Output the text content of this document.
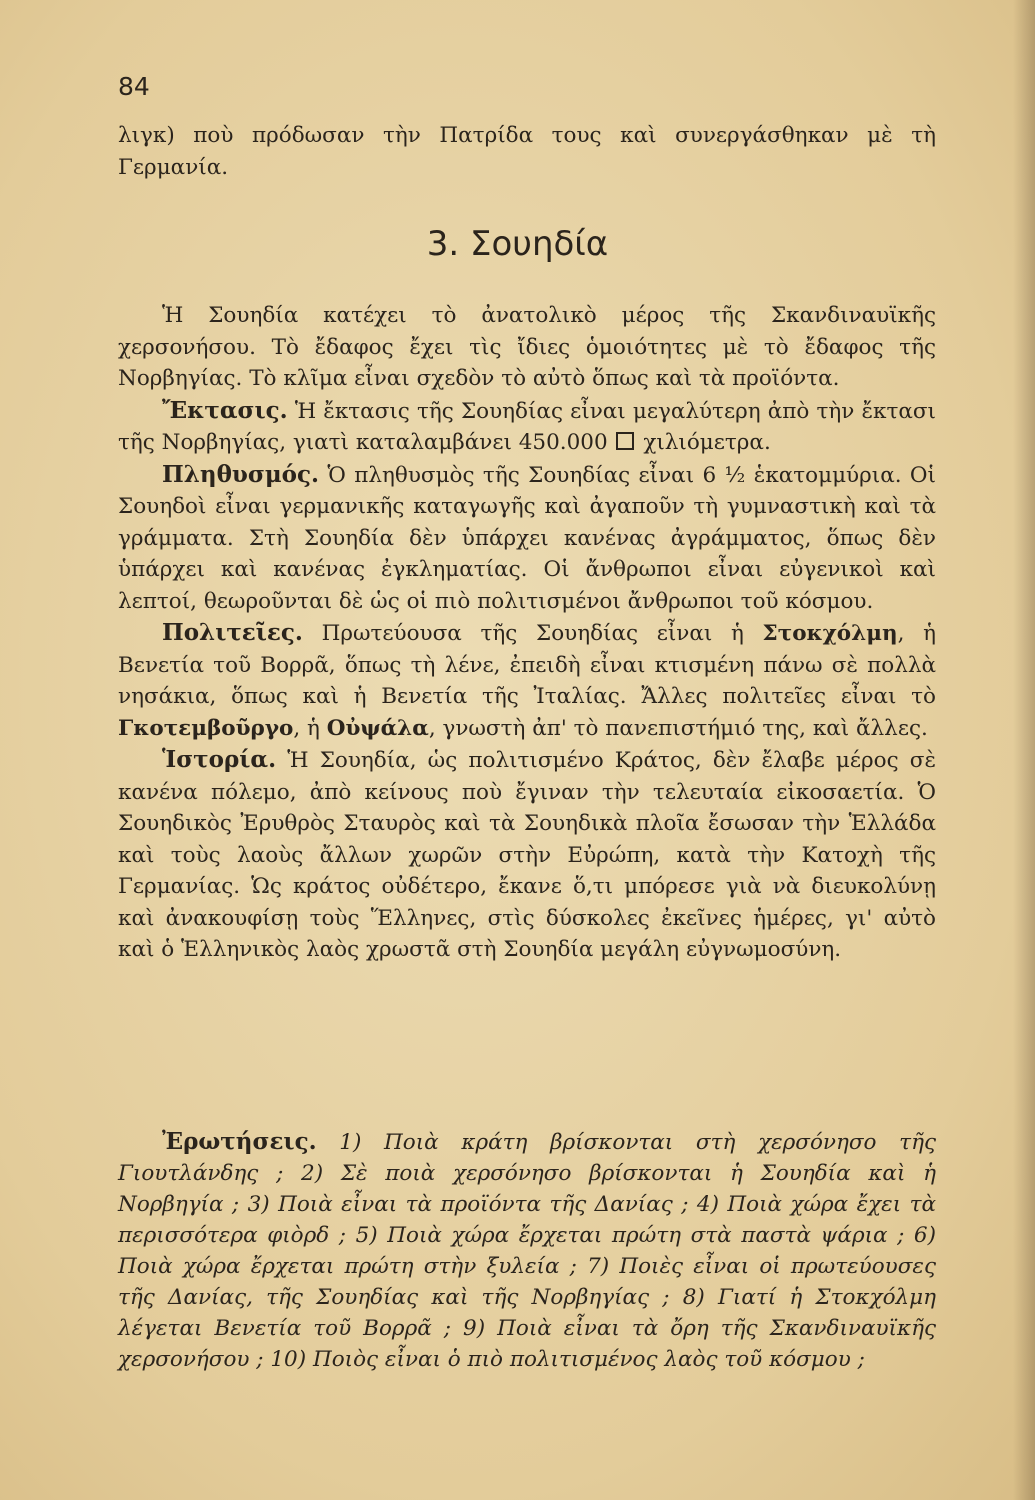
84

λιγκ) ποὺ πρόδωσαν τὴν Πατρίδα τους καὶ συνεργάσθηκαν μὲ τὴ Γερμανία.

3. Σουηδία

Ἡ Σουηδία κατέχει τὸ ἀνατολικὸ μέρος τῆς Σκανδιναυϊκῆς χερσονήσου. Τὸ ἔδαφος ἔχει τὶς ἴδιες ὁμοιότητες μὲ τὸ ἔδαφος τῆς Νορβηγίας. Τὸ κλῖμα εἶναι σχεδὸν τὸ αὐτὸ ὅπως καὶ τὰ προϊόντα.

Ἔκτασις. Ἡ ἔκτασις τῆς Σουηδίας εἶναι μεγαλύτερη ἀπὸ τὴν ἔκτασι τῆς Νορβηγίας, γιατὶ καταλαμβάνει 450.000  χιλιόμετρα.

Πληθυσμός. Ὁ πληθυσμὸς τῆς Σουηδίας εἶναι 6 ½ ἑκατομμύρια. Οἱ Σουηδοὶ εἶναι γερμανικῆς καταγωγῆς καὶ ἀγαποῦν τὴ γυμναστικὴ καὶ τὰ γράμματα. Στὴ Σουηδία δὲν ὑπάρχει κανένας ἀγράμματος, ὅπως δὲν ὑπάρχει καὶ κανένας ἐγκληματίας. Οἱ ἄνθρωποι εἶναι εὐγενικοὶ καὶ λεπτοί, θεωροῦνται δὲ ὡς οἱ πιὸ πολιτισμένοι ἄνθρωποι τοῦ κόσμου.

Πολιτεῖες. Πρωτεύουσα τῆς Σουηδίας εἶναι ἡ Στοκχόλμη, ἡ Βενετία τοῦ Βορρᾶ, ὅπως τὴ λένε, ἐπειδὴ εἶναι κτισμένη πάνω σὲ πολλὰ νησάκια, ὅπως καὶ ἡ Βενετία τῆς Ἰταλίας. Ἄλλες πολιτεῖες εἶναι τὸ Γκοτεμβοῦργο, ἡ Οὐψάλα, γνωστὴ ἀπ' τὸ πανεπιστήμιό της, καὶ ἄλλες.

Ἱστορία. Ἡ Σουηδία, ὡς πολιτισμένο Κράτος, δὲν ἔλαβε μέρος σὲ κανένα πόλεμο, ἀπὸ κείνους ποὺ ἔγιναν τὴν τελευταία εἰκοσαετία. Ὁ Σουηδικὸς Ἐρυθρὸς Σταυρὸς καὶ τὰ Σουηδικὰ πλοῖα ἔσωσαν τὴν Ἑλλάδα καὶ τοὺς λαοὺς ἄλλων χωρῶν στὴν Εὐρώπη, κατὰ τὴν Κατοχὴ τῆς Γερμανίας. Ὡς κράτος οὐδέτερο, ἔκανε ὅ,τι μπόρεσε γιὰ νὰ διευκολύνῃ καὶ ἀνακουφίσῃ τοὺς Ἕλληνες, στὶς δύσκολες ἐκεῖνες ἡμέρες, γι' αὐτὸ καὶ ὁ Ἑλληνικὸς λαὸς χρωστᾶ στὴ Σουηδία μεγάλη εὐγνωμοσύνη.

Ἐρωτήσεις. 1) Ποιὰ κράτη βρίσκονται στὴ χερσόνησο τῆς Γιουτλάνδης ; 2) Σὲ ποιὰ χερσόνησο βρίσκονται ἡ Σουηδία καὶ ἡ Νορβηγία ; 3) Ποιὰ εἶναι τὰ προϊόντα τῆς Δανίας ; 4) Ποιὰ χώρα ἔχει τὰ περισσότερα φιὸρδ ; 5) Ποιὰ χώρα ἔρχεται πρώτη στὰ παστὰ ψάρια ; 6) Ποιὰ χώρα ἔρχεται πρώτη στὴν ξυλεία ; 7) Ποιὲς εἶναι οἱ πρωτεύουσες τῆς Δανίας, τῆς Σουηδίας καὶ τῆς Νορβηγίας ; 8) Γιατί ἡ Στοκχόλμη λέγεται Βενετία τοῦ Βορρᾶ ; 9) Ποιὰ εἶναι τὰ ὄρη τῆς Σκανδιναυϊκῆς χερσονήσου ; 10) Ποιὸς εἶναι ὁ πιὸ πολιτισμένος λαὸς τοῦ κόσμου ;
